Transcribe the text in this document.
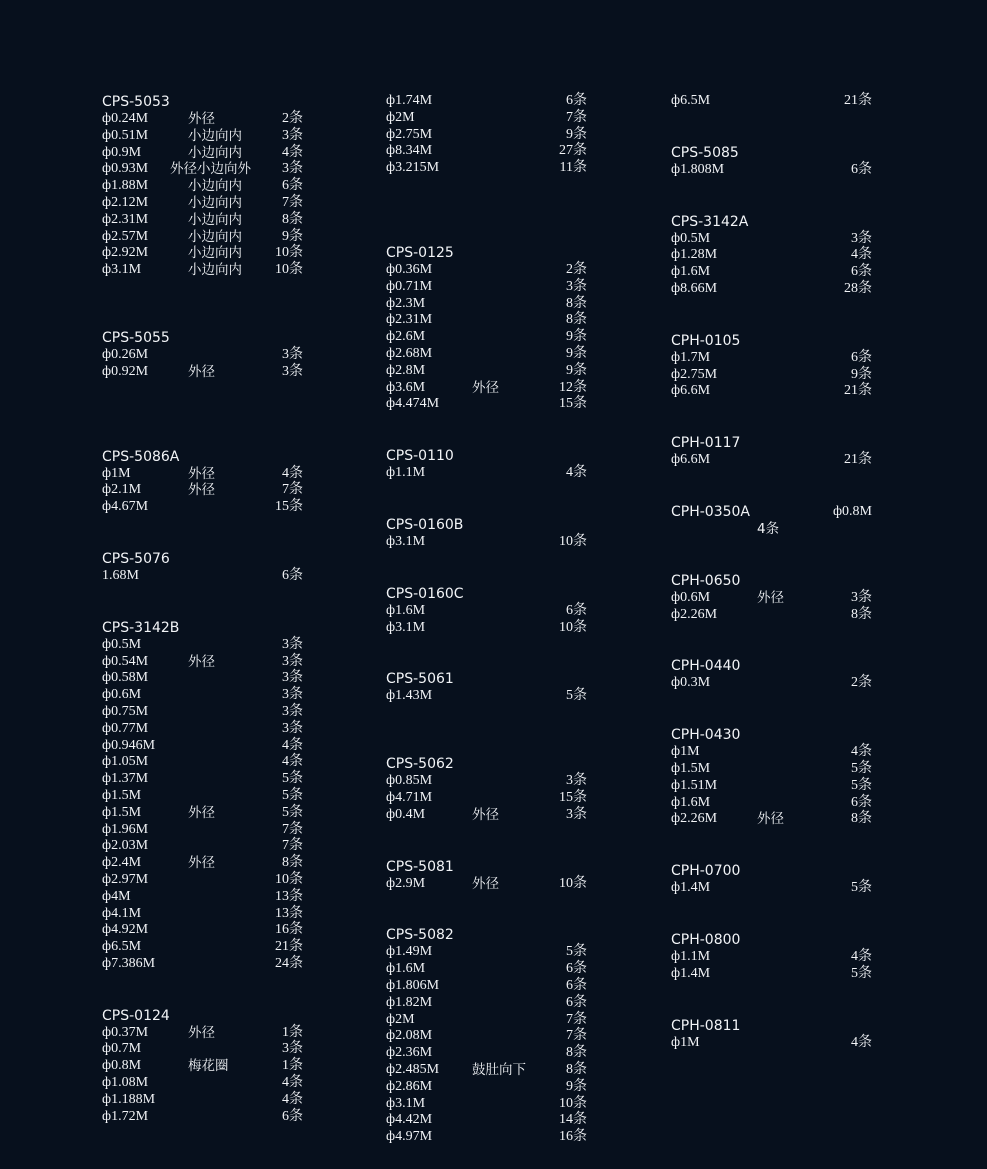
CPS-5053
ф0.24M	外径	2条
ф0.51M	小边向内	3条
ф0.9M	小边向内	4条
ф0.93M 外径小边向外 3条
ф1.88M	小边向内	6条
ф2.12M	小边向内	7条
ф2.31M	小边向内	8条
ф2.57M	小边向内	9条
ф2.92M	小边向内 10条
ф3.1M	小边向内 10条
CPS-5055
ф0.26M	3条
ф0.92M	外径	3条
CPS-5086A
ф1M	外径	4条
ф2.1M	外径	7条
ф4.67M	15条
CPS-5076
1.68M	6条
CPS-3142B
ф0.5M	3条
ф0.54M	外径	3条
ф0.58M	3条
ф0.6M	3条
ф0.75M	3条
ф0.77M	3条
ф0.946M	4条
ф1.05M	4条
ф1.37M	5条
ф1.5M	5条
ф1.5M	外径	5条
ф1.96M	7条
ф2.03M	7条
ф2.4M	外径	8条
ф2.97M	10条
ф4M	13条
ф4.1M	13条
ф4.92M	16条
ф6.5M	21条
ф7.386M	24条
CPS-0124
ф0.37M	外径	1条
ф0.7M	3条
ф0.8M	梅花圈	1条
ф1.08M	4条
ф1.188M	4条
ф1.72M	6条
ф1.74M	6条
ф2M	7条
ф2.75M	9条
ф8.34M	27条
ф3.215M	11条
CPS-0125
ф0.36M	2条
ф0.71M	3条
ф2.3M	8条
ф2.31M	8条
ф2.6M	9条
ф2.68M	9条
ф2.8M	9条
ф3.6M	外径	12条
ф4.474M	15条
CPS-0110
ф1.1M	4条
CPS-0160B
ф3.1M	10条
CPS-0160C
ф1.6M	6条
ф3.1M	10条
CPS-5061
ф1.43M	5条
CPS-5062
ф0.85M	3条
ф4.71M	15条
ф0.4M	外径	3条
CPS-5081
ф2.9M	外径	10条
CPS-5082
ф1.49M	5条
ф1.6M	6条
ф1.806M	6条
ф1.82M	6条
ф2M	7条
ф2.08M	7条
ф2.36M	8条
ф2.485M 鼓肚向下	8条
ф2.86M	9条
ф3.1M	10条
ф4.42M	14条
ф4.97M	16条
ф6.5M	21条
CPS-5085
ф1.808M	6条
CPS-3142A
ф0.5M	3条
ф1.28M	4条
ф1.6M	6条
ф8.66M	28条
CPH-0105
ф1.7M	6条
ф2.75M	9条
ф6.6M	21条
CPH-0117
ф6.6M	21条
CPH-0350A	ф0.8M
4条
CPH-0650
ф0.6M	外径	3条
ф2.26M	8条
CPH-0440
ф0.3M	2条
CPH-0430
ф1M	4条
ф1.5M	5条
ф1.51M	5条
ф1.6M	6条
ф2.26M	外径	8条
CPH-0700
ф1.4M	5条
CPH-0800
ф1.1M	4条
ф1.4M	5条
CPH-0811
ф1M	4条
